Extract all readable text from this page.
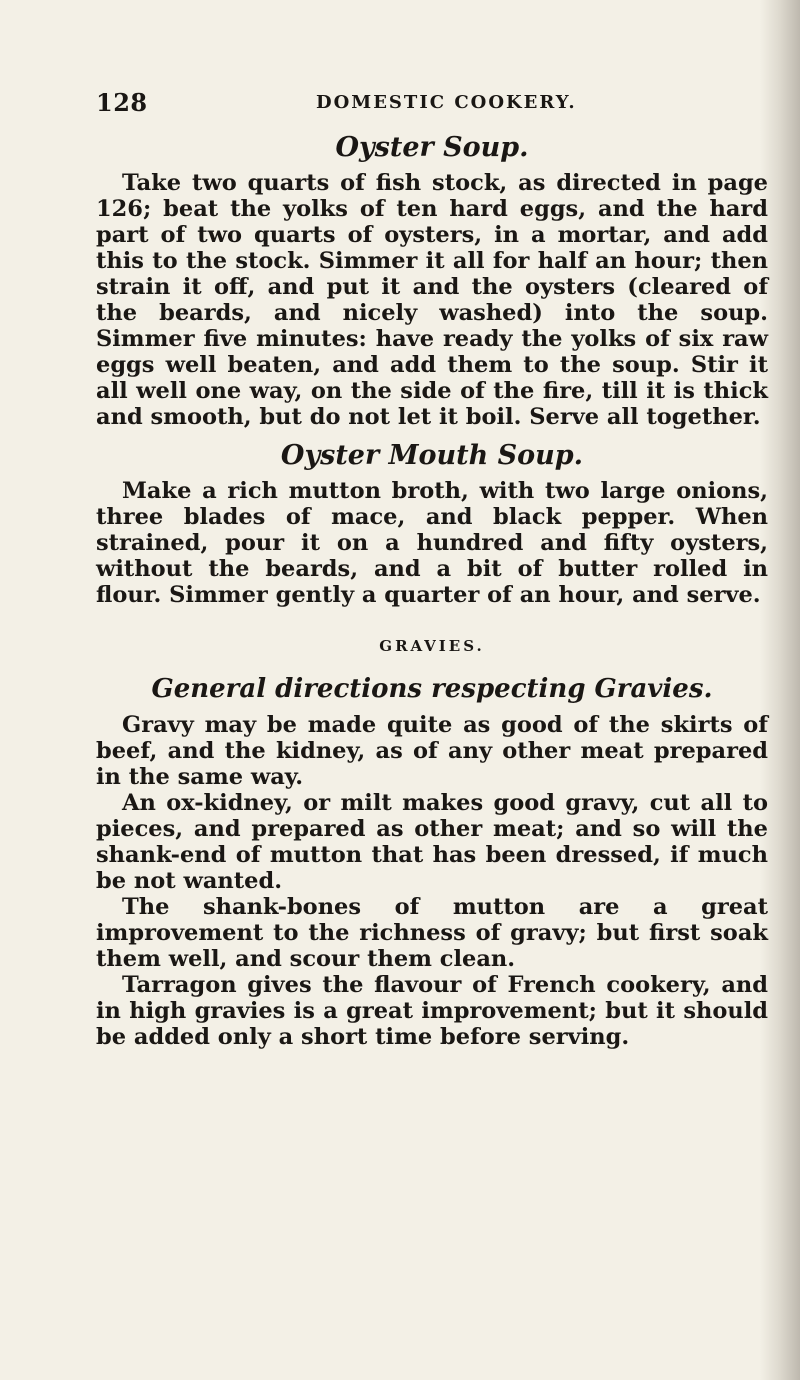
128	DOMESTIC COOKERY.
Oyster Soup.

Take two quarts of fish stock, as directed in page 126; beat the yolks of ten hard eggs, and the hard part of two quarts of oysters, in a mortar, and add this to the stock. Simmer it all for half an hour; then strain it off, and put it and the oysters (cleared of the beards, and nicely washed) into the soup. Simmer five minutes: have ready the yolks of six raw eggs well beaten, and add them to the soup. Stir it all well one way, on the side of the fire, till it is thick and smooth, but do not let it boil. Serve all together.

Oyster Mouth Soup.

Make a rich mutton broth, with two large onions, three blades of mace, and black pepper. When strained, pour it on a hundred and fifty oysters, without the beards, and a bit of butter rolled in flour. Simmer gently a quarter of an hour, and serve.

GRAVIES.
General directions respecting Gravies.

Gravy may be made quite as good of the skirts of beef, and the kidney, as of any other meat prepared in the same way.

An ox-kidney, or milt makes good gravy, cut all to pieces, and prepared as other meat; and so will the shank-end of mutton that has been dressed, if much be not wanted.

The shank-bones of mutton are a great improvement to the richness of gravy; but first soak them well, and scour them clean.

Tarragon gives the flavour of French cookery, and in high gravies is a great improvement; but it should be added only a short time before serving.
